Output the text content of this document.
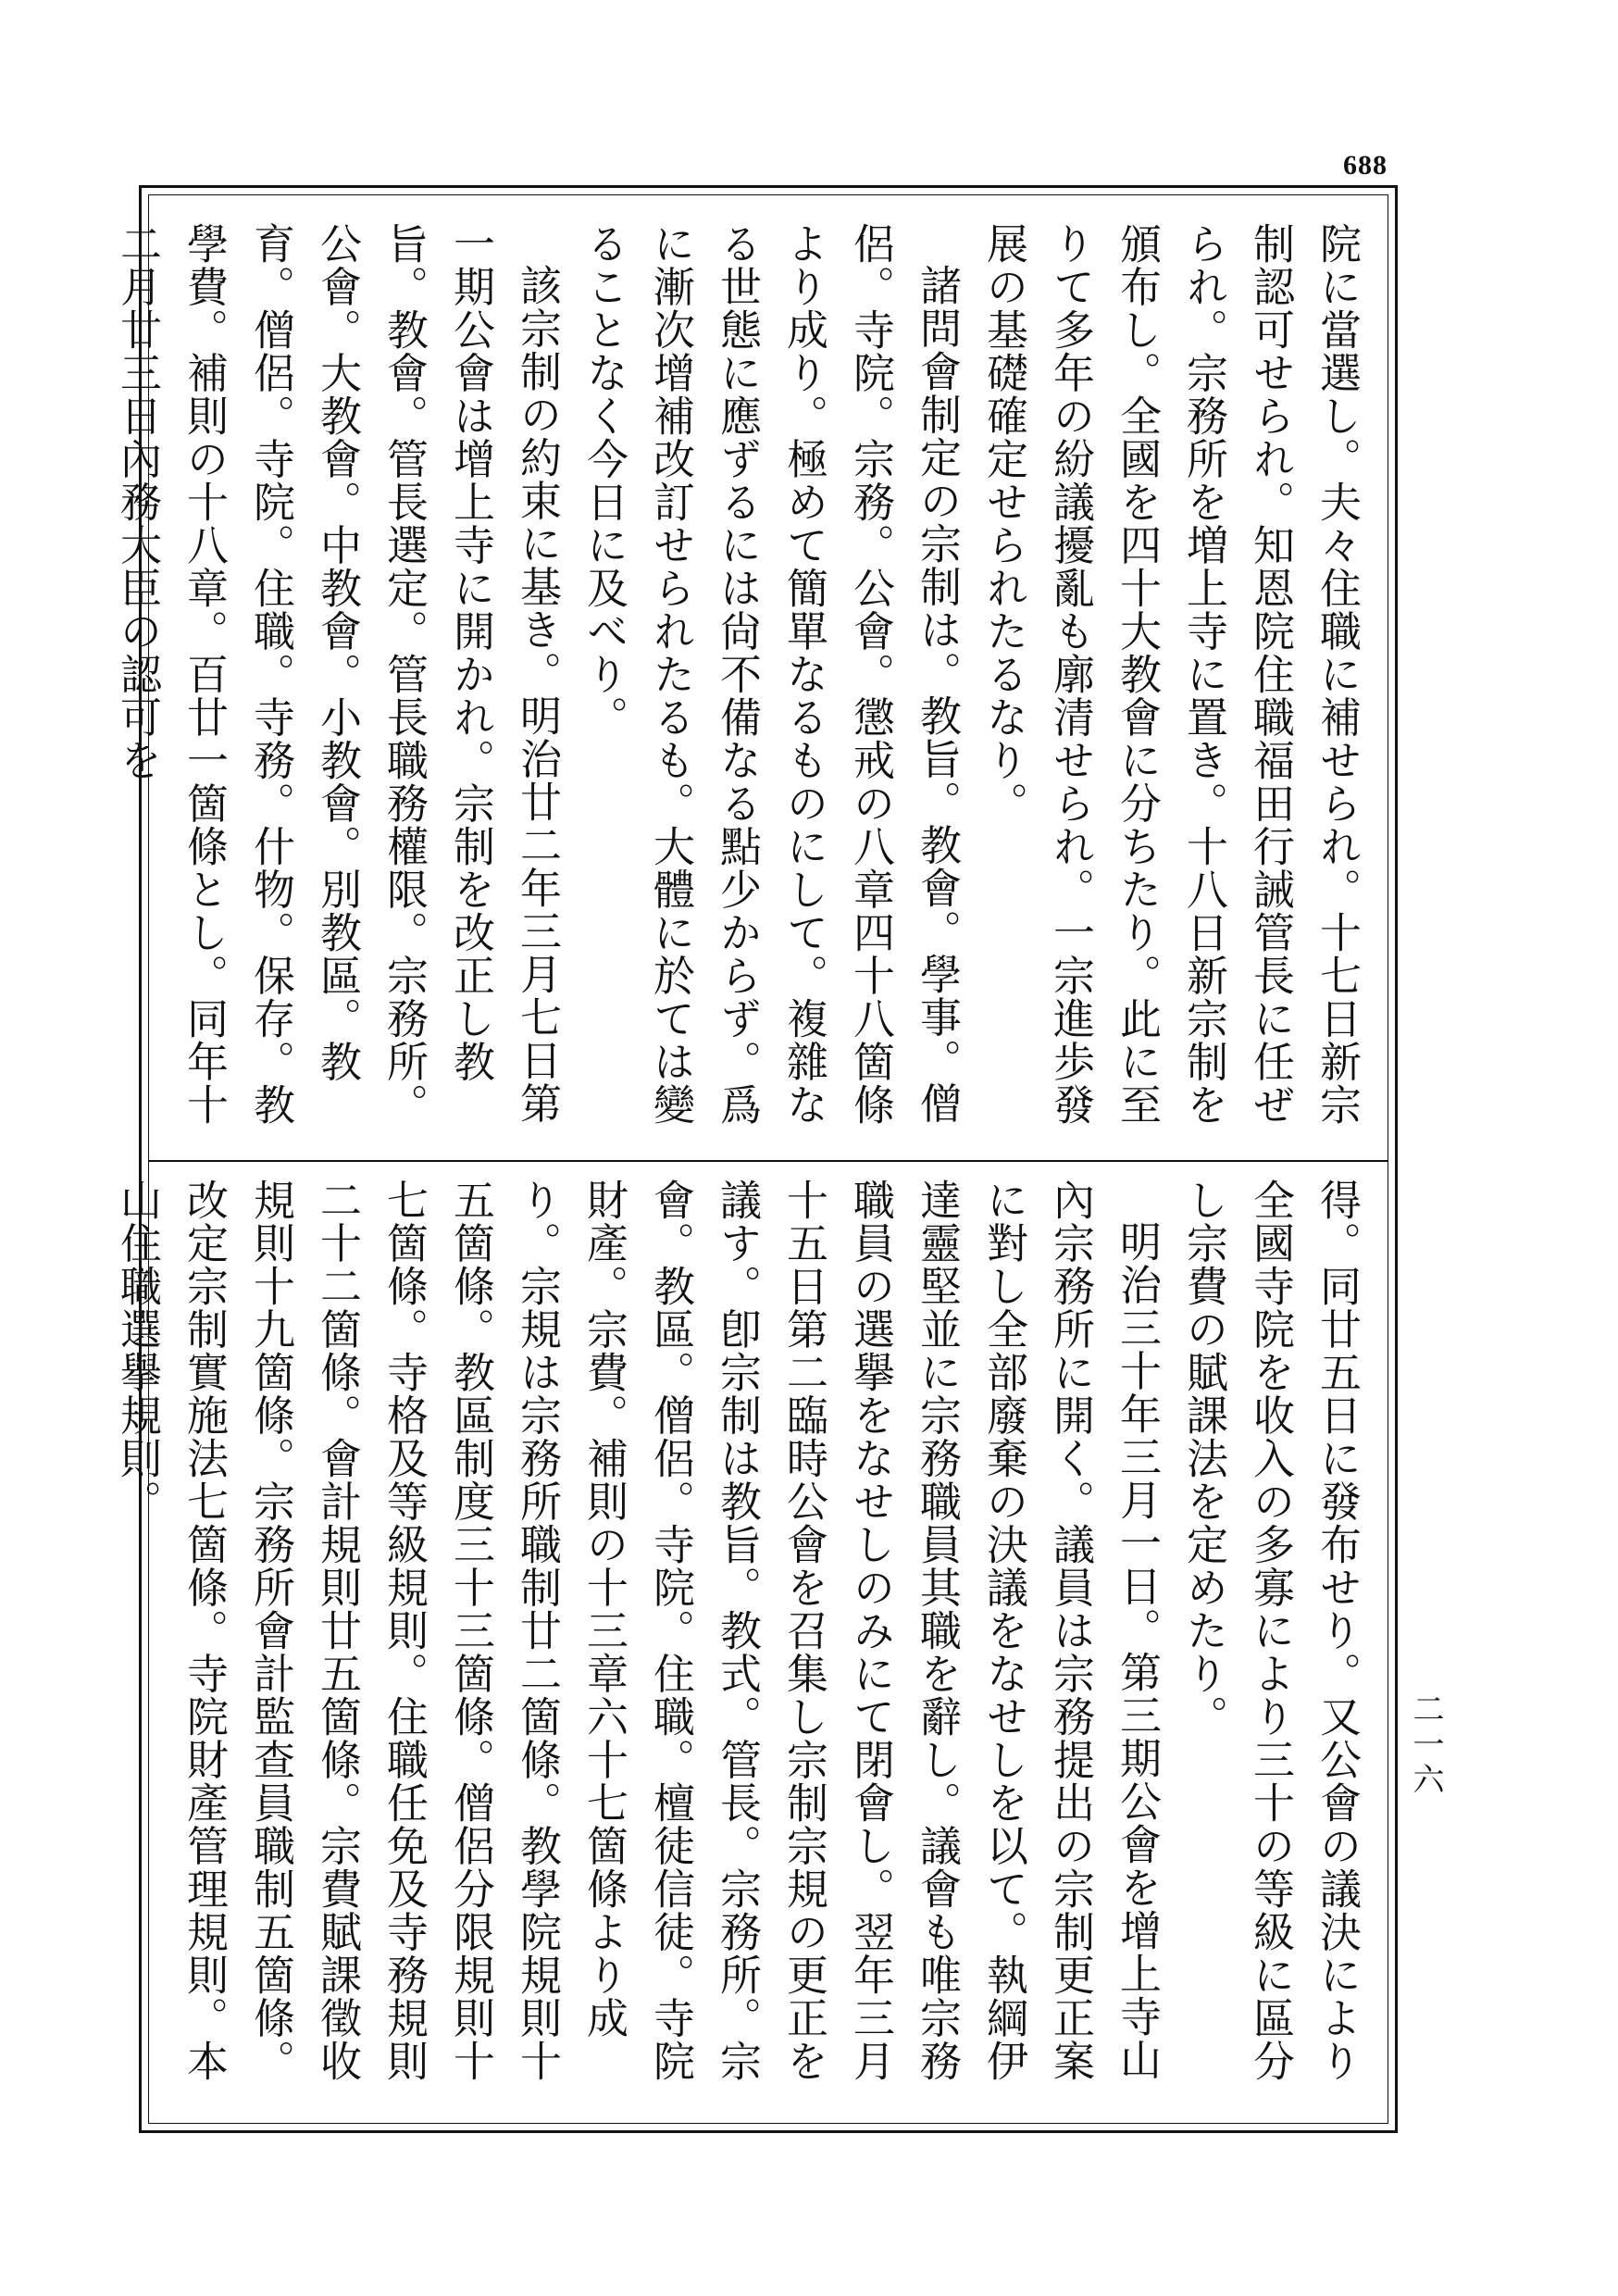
688

院に當選し。夫々住職に補せられ。十七日新宗制認可せられ。知恩院住職福田行誡管長に任ぜられ。宗務所を増上寺に置き。十八日新宗制を頒布し。全國を四十大教會に分ちたり。此に至りて多年の紛議擾亂も廓清せられ。一宗進歩發展の基礎確定せられたるなり。

諸問會制定の宗制は。教旨。教會。學事。僧侶。寺院。宗務。公會。懲戒の八章四十八箇條より成り。極めて簡單なるものにして。複雜なる世態に應ずるには尙不備なる點少からず。爲に漸次增補改訂せられたるも。大體に於ては變ることなく今日に及べり。

該宗制の約束に基き。明治廿二年三月七日第一期公會は增上寺に開かれ。宗制を改正し教旨。教會。管長選定。管長職務權限。宗務所。公會。大教會。中教會。小教會。別教區。教育。僧侶。寺院。住職。寺務。什物。保存。教學費。補則の十八章。百廿一箇條とし。同年十二月廿三日內務大臣の認可を

得。同廿五日に發布せり。又公會の議決により全國寺院を收入の多寡により三十の等級に區分し宗費の賦課法を定めたり。

明治三十年三月一日。第三期公會を增上寺山內宗務所に開く。議員は宗務提出の宗制更正案に對し全部廢棄の決議をなせしを以て。執綱伊達靈堅並に宗務職員其職を辭し。議會も唯宗務職員の選擧をなせしのみにて閉會し。翌年三月十五日第二臨時公會を召集し宗制宗規の更正を議す。卽宗制は教旨。教式。管長。宗務所。宗會。教區。僧侶。寺院。住職。檀徒信徒。寺院財產。宗費。補則の十三章六十七箇條より成り。宗規は宗務所職制廿二箇條。教學院規則十五箇條。教區制度三十三箇條。僧侶分限規則十七箇條。寺格及等級規則。住職任免及寺務規則二十二箇條。會計規則廿五箇條。宗費賦課徵收規則十九箇條。宗務所會計監查員職制五箇條。改定宗制實施法七箇條。寺院財產管理規則。本山住職選擧規則。

二一六
